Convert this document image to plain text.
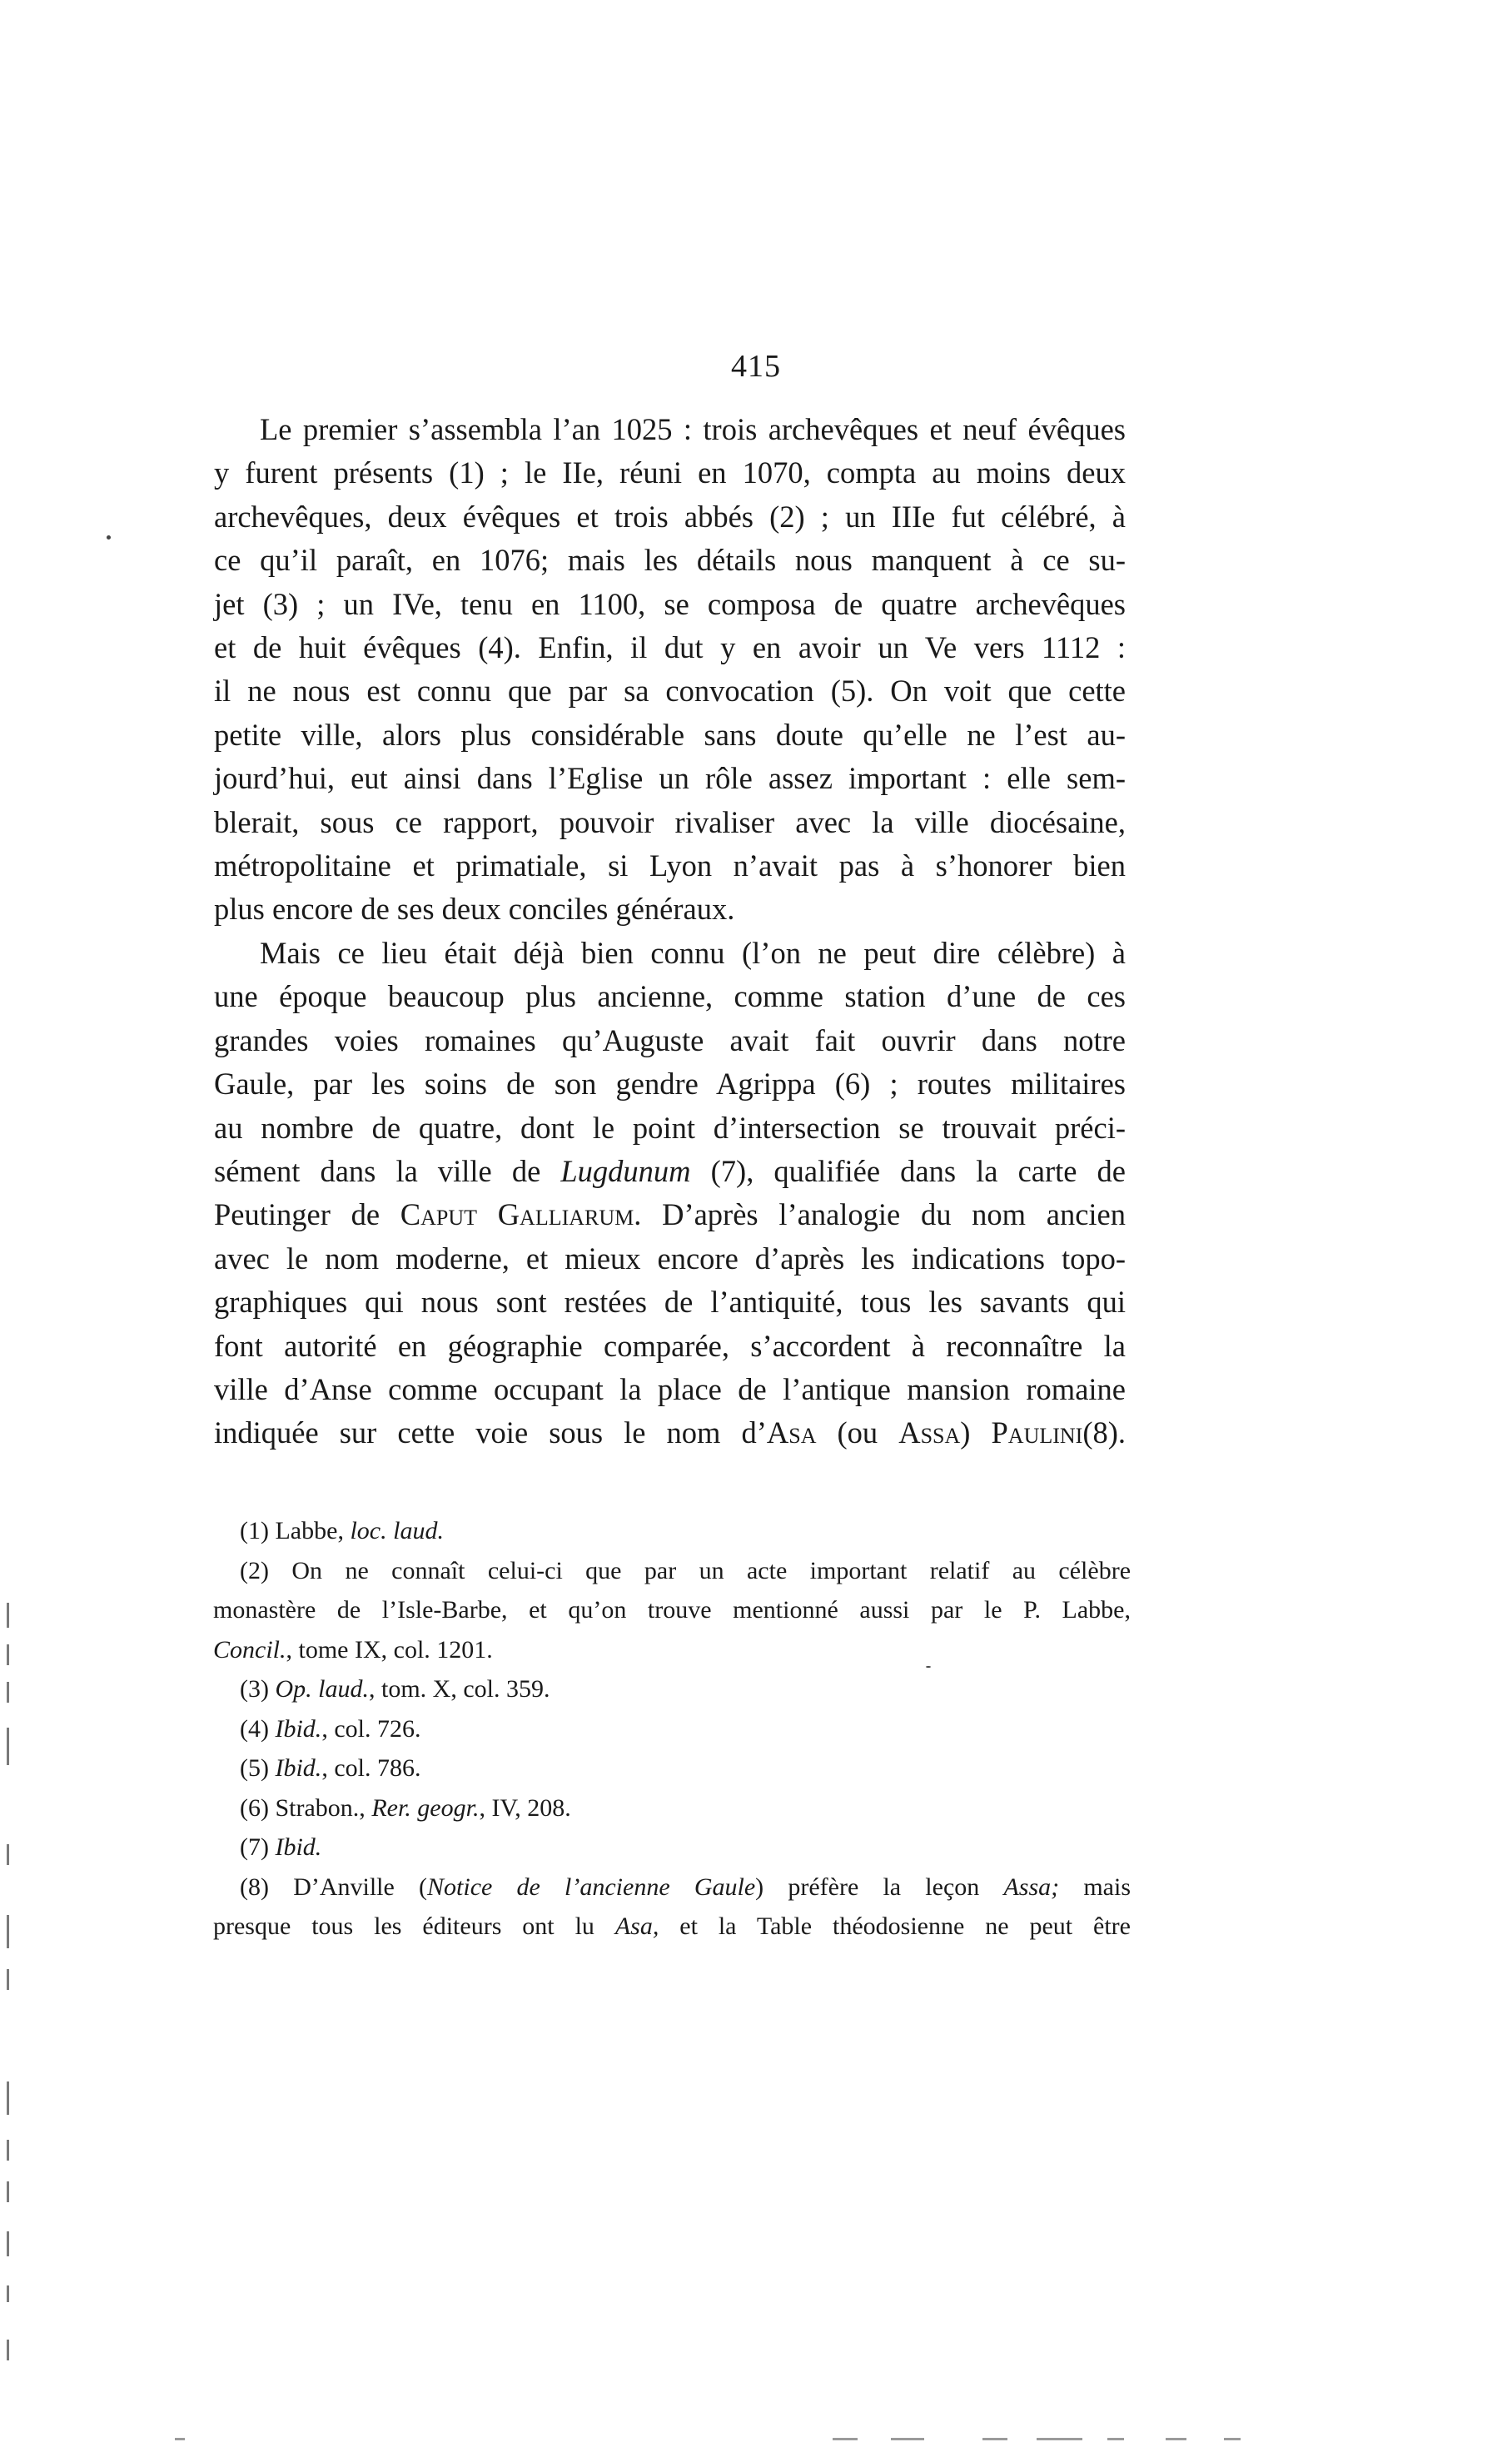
415

Le premier s’assembla l’an 1025 : trois archevêques et neuf évêques
y furent présents (1) ; le IIe, réuni en 1070, compta au moins deux
archevêques, deux évêques et trois abbés (2) ; un IIIe fut célébré, à
ce qu’il paraît, en 1076; mais les détails nous manquent à ce su-
jet (3) ; un IVe, tenu en 1100, se composa de quatre archevêques
et de huit évêques (4). Enfin, il dut y en avoir un Ve vers 1112 :
il ne nous est connu que par sa convocation (5). On voit que cette
petite ville, alors plus considérable sans doute qu’elle ne l’est au-
jourd’hui, eut ainsi dans l’Eglise un rôle assez important : elle sem-
blerait, sous ce rapport, pouvoir rivaliser avec la ville diocésaine,
métropolitaine et primatiale, si Lyon n’avait pas à s’honorer bien
plus encore de ses deux conciles généraux.

Mais ce lieu était déjà bien connu (l’on ne peut dire célèbre) à
une époque beaucoup plus ancienne, comme station d’une de ces
grandes voies romaines qu’Auguste avait fait ouvrir dans notre
Gaule, par les soins de son gendre Agrippa (6) ; routes militaires
au nombre de quatre, dont le point d’intersection se trouvait préci-
sément dans la ville de Lugdunum (7), qualifiée dans la carte de
Peutinger de Caput Galliarum. D’après l’analogie du nom ancien
avec le nom moderne, et mieux encore d’après les indications topo-
graphiques qui nous sont restées de l’antiquité, tous les savants qui
font autorité en géographie comparée, s’accordent à reconnaître la
ville d’Anse comme occupant la place de l’antique mansion romaine
indiquée sur cette voie sous le nom d’Asa (ou Assa) Paulini(8).

(1) Labbe, loc. laud.
(2) On ne connaît celui-ci que par un acte important relatif au célèbre
monastère de l’Isle-Barbe, et qu’on trouve mentionné aussi par le P. Labbe,
Concil., tome IX, col. 1201.
(3) Op. laud., tom. X, col. 359.
(4) Ibid., col. 726.
(5) Ibid., col. 786.
(6) Strabon., Rer. geogr., IV, 208.
(7) Ibid.
(8) D’Anville (Notice de l’ancienne Gaule) préfère la leçon Assa; mais
presque tous les éditeurs ont lu Asa, et la Table théodosienne ne peut être
